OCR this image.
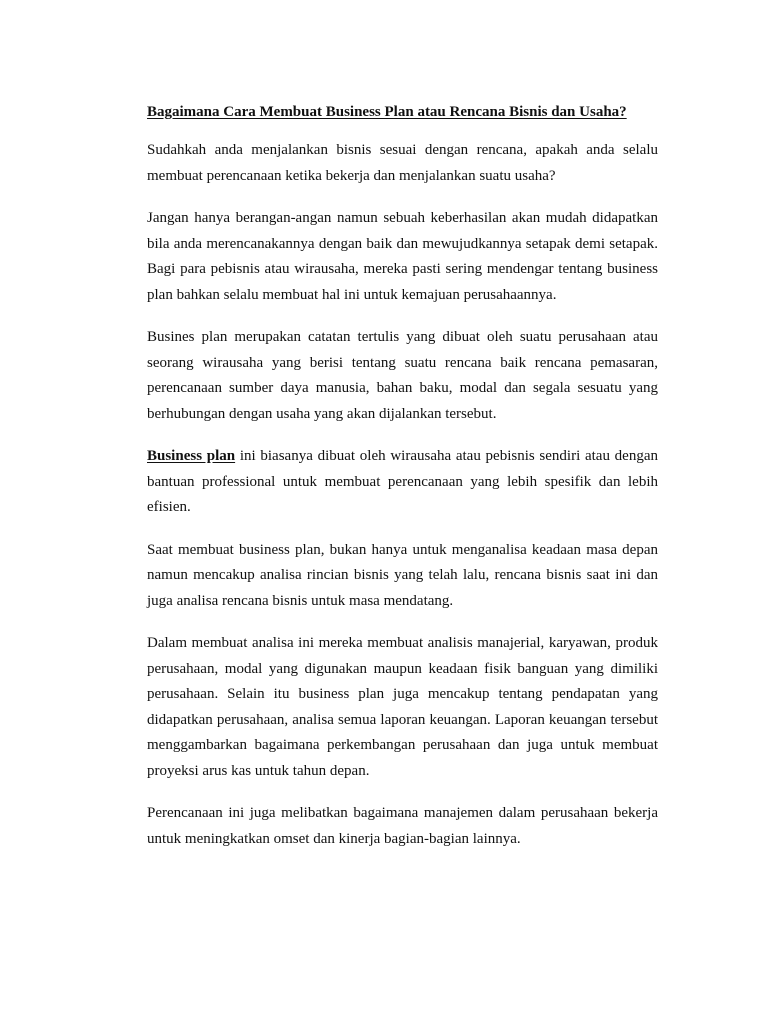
Bagaimana Cara Membuat Business Plan atau Rencana Bisnis dan Usaha?

Sudahkah anda menjalankan bisnis sesuai dengan rencana, apakah anda selalu membuat perencanaan ketika bekerja dan menjalankan suatu usaha?

Jangan hanya berangan-angan namun sebuah keberhasilan akan mudah didapatkan bila anda merencanakannya dengan baik dan mewujudkannya setapak demi setapak. Bagi para pebisnis atau wirausaha, mereka pasti sering mendengar tentang business plan bahkan selalu membuat hal ini untuk kemajuan perusahaannya.

Busines plan merupakan catatan tertulis yang dibuat oleh suatu perusahaan atau seorang wirausaha yang berisi tentang suatu rencana baik rencana pemasaran, perencanaan sumber daya manusia, bahan baku, modal dan segala sesuatu yang berhubungan dengan usaha yang akan dijalankan tersebut.

Business plan ini biasanya dibuat oleh wirausaha atau pebisnis sendiri atau dengan bantuan professional untuk membuat perencanaan yang lebih spesifik dan lebih efisien.

Saat membuat business plan, bukan hanya untuk menganalisa keadaan masa depan namun mencakup analisa rincian bisnis yang telah lalu, rencana bisnis saat ini dan juga analisa rencana bisnis untuk masa mendatang.

Dalam membuat analisa ini mereka membuat analisis manajerial, karyawan, produk perusahaan, modal yang digunakan maupun keadaan fisik banguan yang dimiliki perusahaan. Selain itu business plan juga mencakup tentang pendapatan yang didapatkan perusahaan, analisa semua laporan keuangan. Laporan keuangan tersebut menggambarkan bagaimana perkembangan perusahaan dan juga untuk membuat proyeksi arus kas untuk tahun depan.

Perencanaan ini juga melibatkan bagaimana manajemen dalam perusahaan bekerja untuk meningkatkan omset dan kinerja bagian-bagian lainnya.
